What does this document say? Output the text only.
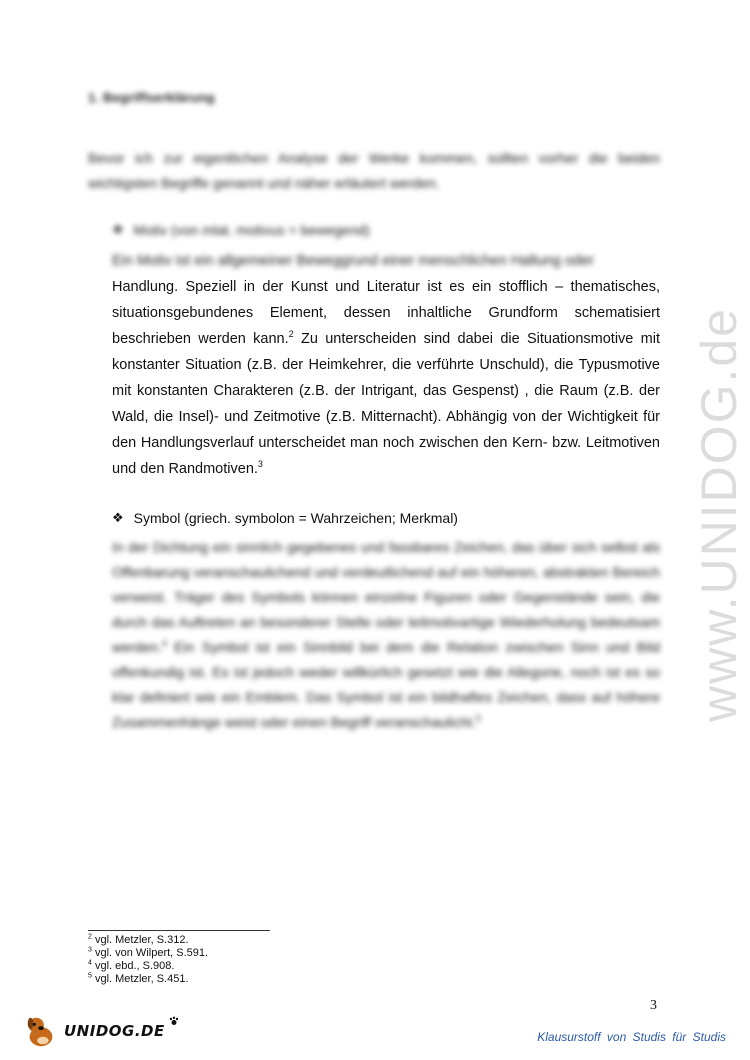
1. Begriffserklärung
Bevor ich zur eigentlichen Analyse der Werke kommen, sollten vorher die beiden wichtigsten Begriffe genannt und näher erläutert werden.
❖ Motiv (von mlat. motivus = bewegend)
Ein Motiv ist ein allgemeiner Beweggrund einer menschlichen Haltung oder
Handlung. Speziell in der Kunst und Literatur ist es ein stofflich – thematisches, situationsgebundenes Element, dessen inhaltliche Grundform schematisiert beschrieben werden kann.$^2$ Zu unterscheiden sind dabei die Situationsmotive mit konstanter Situation (z.B. der Heimkehrer, die verführte Unschuld), die Typusmotive mit konstanten Charakteren (z.B. der Intrigant, das Gespenst) , die Raum (z.B. der Wald, die Insel)- und Zeitmotive (z.B. Mitternacht). Abhängig von der Wichtigkeit für den Handlungsverlauf unterscheidet man noch zwischen den Kern- bzw. Leitmotiven und den Randmotiven.$^3$
❖ Symbol (griech. symbolon = Wahrzeichen; Merkmal)
In der Dichtung ein sinnlich gegebenes und fassbares Zeichen, das über sich selbst als Offenbarung veranschaulichend und verdeutlichend auf ein höheren, abstrakten Bereich verweist. Träger des Symbols können einzelne Figuren oder Gegenstände sein, die durch das Auftreten an besonderer Stelle oder leitmotivartige Wiederholung bedeutsam werden.$^4$ Ein Symbol ist ein Sinnbild bei dem die Relation zwischen Sinn und Bild offenkundig ist. Es ist jedoch weder willkürlich gesetzt wie die Allegorie, noch ist es so klar definiert wie ein Emblem. Das Symbol ist ein bildhaftes Zeichen, dass auf höhere Zusammenhänge weist oder einen Begriff veranschaulicht.$^5$	www.UNIDOG.de
$^2$ vgl. Metzler, S.312.
$^3$ vgl. von Wilpert, S.591.
$^4$ vgl. ebd., S.908.
$^5$ vgl. Metzler, S.451.
3
UNIDOG.DE	Klausurstoff von Studis für Studis
